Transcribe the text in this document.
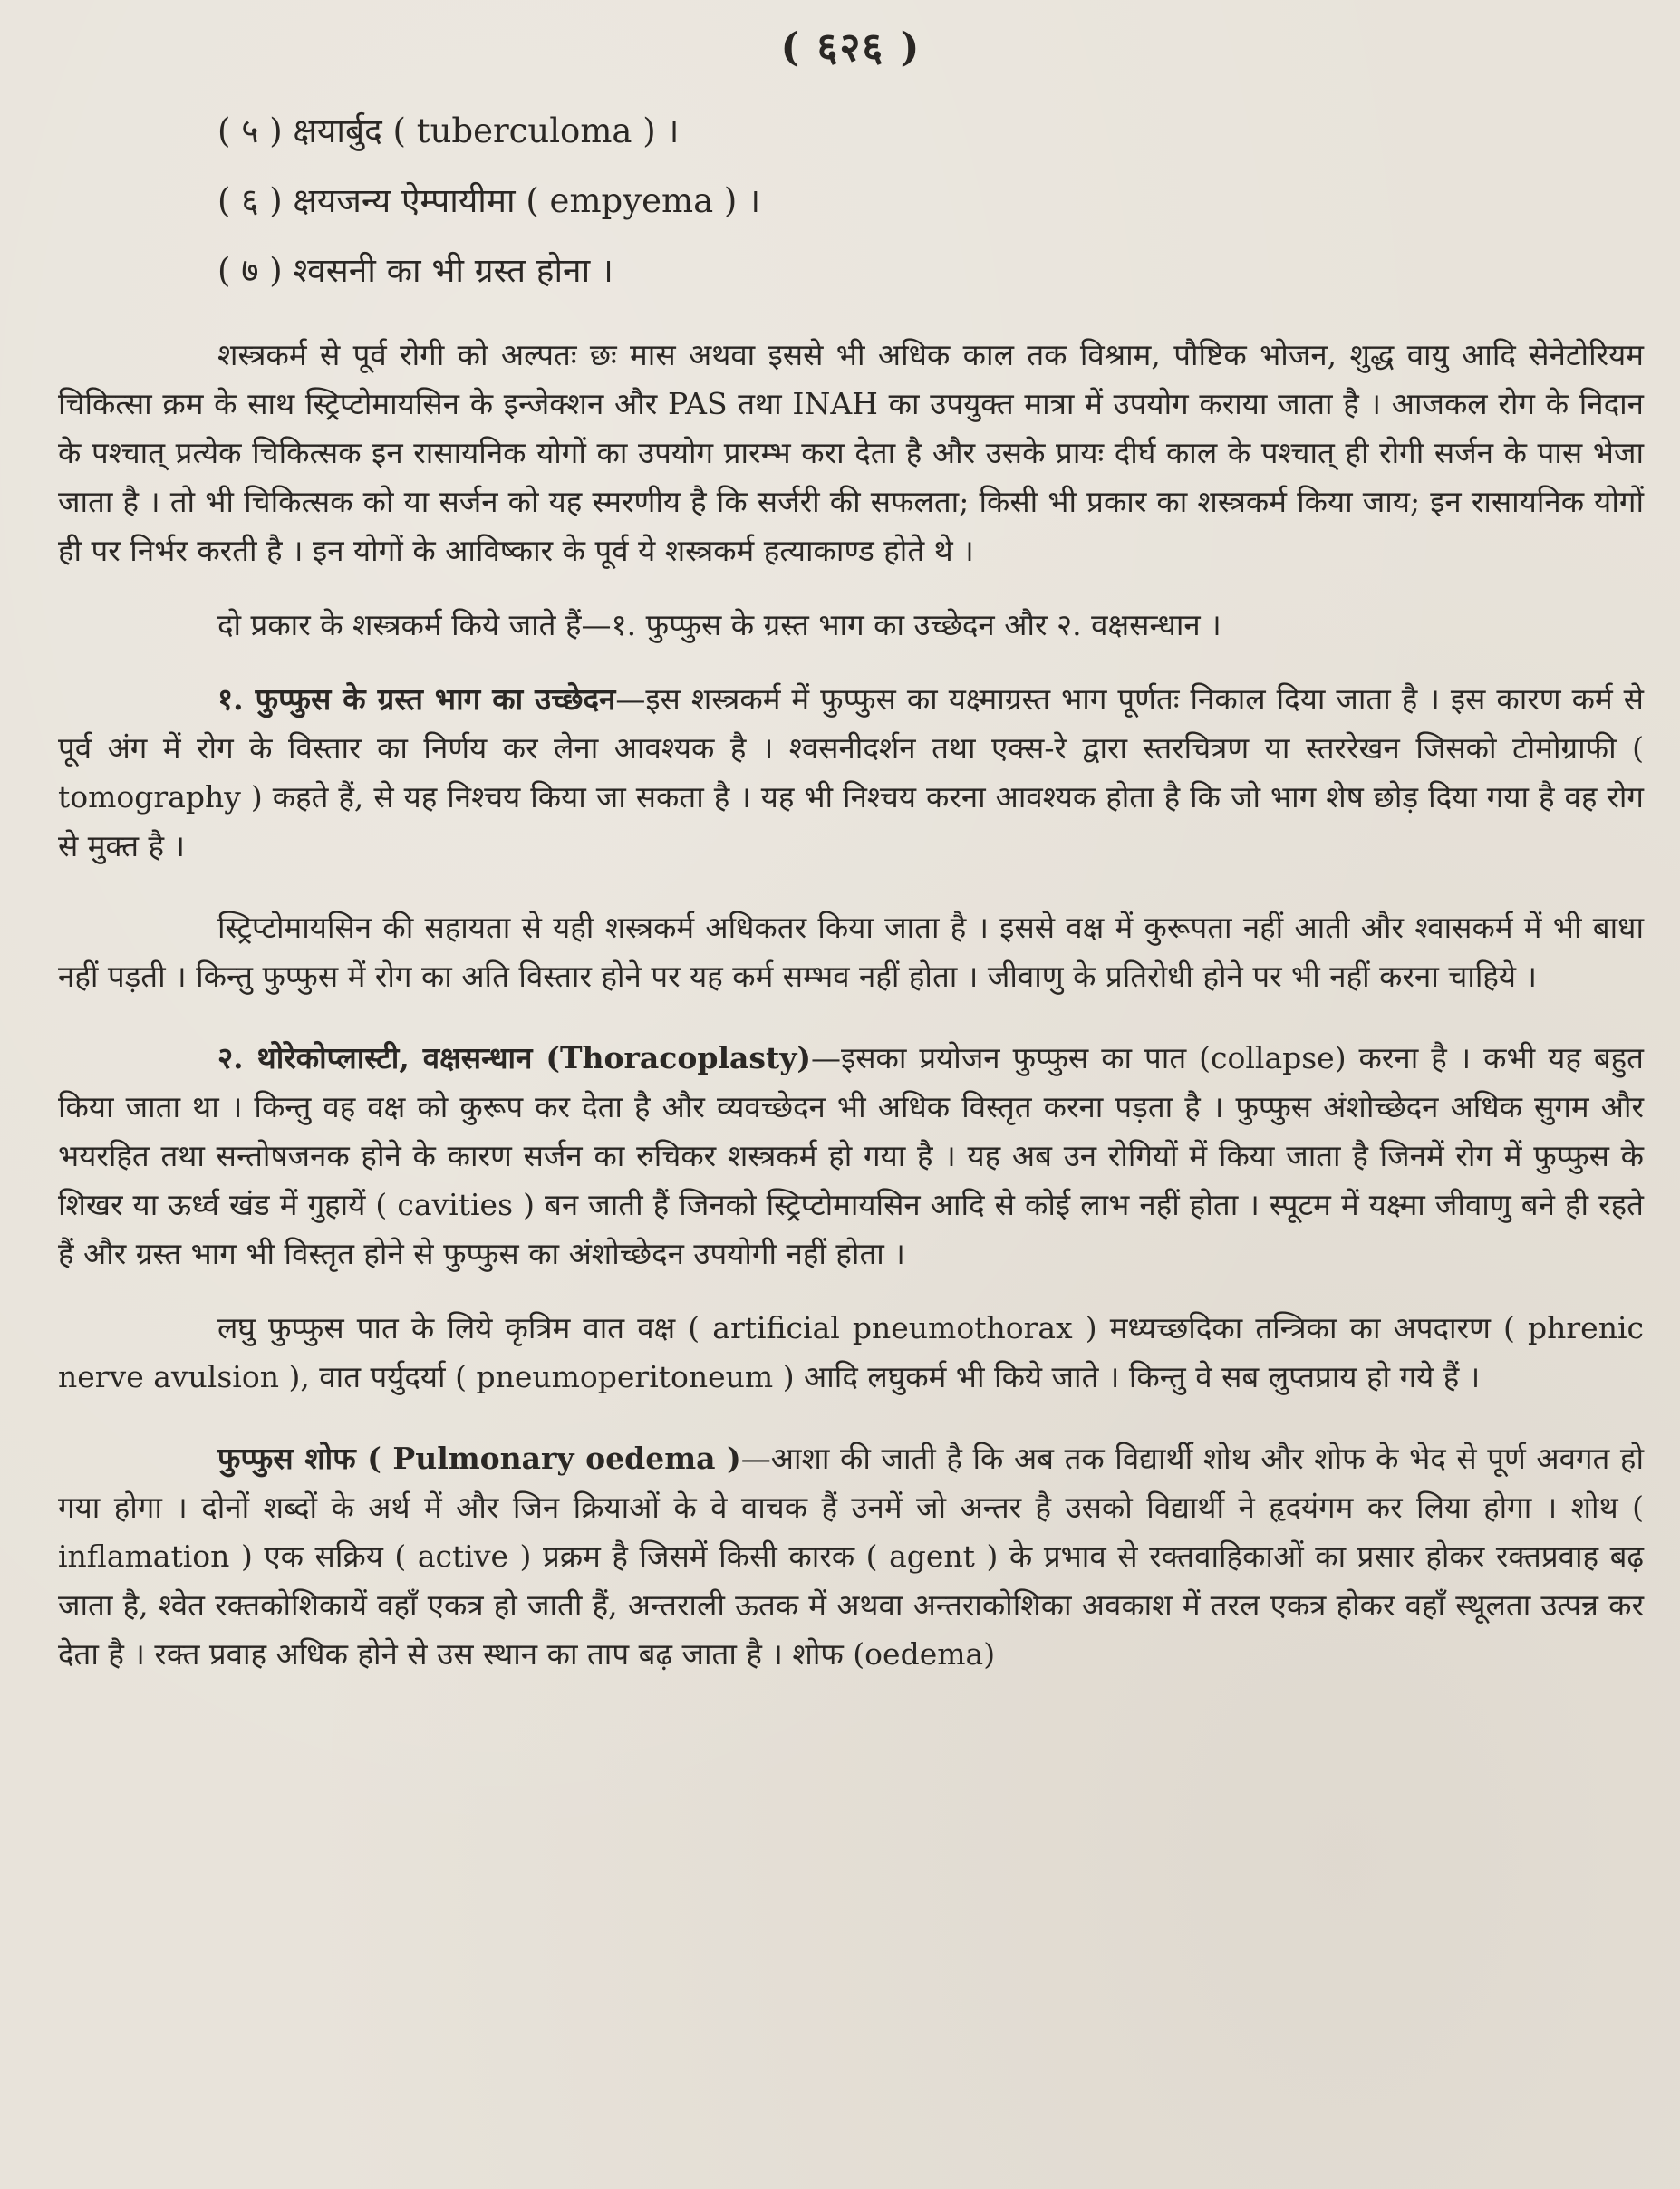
( ६२६ )
( ५ ) क्षयार्बुद ( tuberculoma ) ।
( ६ ) क्षयजन्य ऐम्पायीमा ( empyema ) ।
( ७ ) श्वसनी का भी ग्रस्त होना ।

शस्त्रकर्म से पूर्व रोगी को अल्पतः छः मास अथवा इससे भी अधिक काल तक विश्राम, पौष्टिक भोजन, शुद्ध वायु आदि सेनेटोरियम चिकित्सा क्रम के साथ स्ट्रिप्टोमायसिन के इन्जेक्शन और PAS तथा INAH का उपयुक्त मात्रा में उपयोग कराया जाता है । आजकल रोग के निदान के पश्चात् प्रत्येक चिकित्सक इन रासायनिक योगों का उपयोग प्रारम्भ करा देता है और उसके प्रायः दीर्घ काल के पश्चात् ही रोगी सर्जन के पास भेजा जाता है । तो भी चिकित्सक को या सर्जन को यह स्मरणीय है कि सर्जरी की सफलता; किसी भी प्रकार का शस्त्रकर्म किया जाय; इन रासायनिक योगों ही पर निर्भर करती है । इन योगों के आविष्कार के पूर्व ये शस्त्रकर्म हत्याकाण्ड होते थे ।

दो प्रकार के शस्त्रकर्म किये जाते हैं—१. फुप्फुस के ग्रस्त भाग का उच्छेदन और २. वक्षसन्धान ।

१. फुप्फुस के ग्रस्त भाग का उच्छेदन—इस शस्त्रकर्म में फुप्फुस का यक्ष्माग्रस्त भाग पूर्णतः निकाल दिया जाता है । इस कारण कर्म से पूर्व अंग में रोग के विस्तार का निर्णय कर लेना आवश्यक है । श्वसनीदर्शन तथा एक्स-रे द्वारा स्तरचित्रण या स्तररेखन जिसको टोमोग्राफी ( tomography ) कहते हैं, से यह निश्चय किया जा सकता है । यह भी निश्चय करना आवश्यक होता है कि जो भाग शेष छोड़ दिया गया है वह रोग से मुक्त है ।

स्ट्रिप्टोमायसिन की सहायता से यही शस्त्रकर्म अधिकतर किया जाता है । इससे वक्ष में कुरूपता नहीं आती और श्वासकर्म में भी बाधा नहीं पड़ती । किन्तु फुप्फुस में रोग का अति विस्तार होने पर यह कर्म सम्भव नहीं होता । जीवाणु के प्रतिरोधी होने पर भी नहीं करना चाहिये ।

२. थोरेकोप्लास्टी, वक्षसन्धान (Thoracoplasty)—इसका प्रयोजन फुप्फुस का पात (collapse) करना है । कभी यह बहुत किया जाता था । किन्तु वह वक्ष को कुरूप कर देता है और व्यवच्छेदन भी अधिक विस्तृत करना पड़ता है । फुप्फुस अंशोच्छेदन अधिक सुगम और भयरहित तथा सन्तोषजनक होने के कारण सर्जन का रुचिकर शस्त्रकर्म हो गया है । यह अब उन रोगियों में किया जाता है जिनमें रोग में फुप्फुस के शिखर या ऊर्ध्व खंड में गुहायें ( cavities ) बन जाती हैं जिनको स्ट्रिप्टोमायसिन आदि से कोई लाभ नहीं होता । स्पूटम में यक्ष्मा जीवाणु बने ही रहते हैं और ग्रस्त भाग भी विस्तृत होने से फुप्फुस का अंशोच्छेदन उपयोगी नहीं होता ।

लघु फुप्फुस पात के लिये कृत्रिम वात वक्ष ( artificial pneumothorax ) मध्यच्छदिका तन्त्रिका का अपदारण ( phrenic nerve avulsion ), वात पर्युदर्या ( pneumoperitoneum ) आदि लघुकर्म भी किये जाते । किन्तु वे सब लुप्तप्राय हो गये हैं ।

फुप्फुस शोफ ( Pulmonary oedema )—आशा की जाती है कि अब तक विद्यार्थी शोथ और शोफ के भेद से पूर्ण अवगत हो गया होगा । दोनों शब्दों के अर्थ में और जिन क्रियाओं के वे वाचक हैं उनमें जो अन्तर है उसको विद्यार्थी ने हृदयंगम कर लिया होगा । शोथ ( inflamation ) एक सक्रिय ( active ) प्रक्रम है जिसमें किसी कारक ( agent ) के प्रभाव से रक्तवाहिकाओं का प्रसार होकर रक्तप्रवाह बढ़ जाता है, श्वेत रक्तकोशिकायें वहाँ एकत्र हो जाती हैं, अन्तराली ऊतक में अथवा अन्तराकोशिका अवकाश में तरल एकत्र होकर वहाँ स्थूलता उत्पन्न कर देता है । रक्त प्रवाह अधिक होने से उस स्थान का ताप बढ़ जाता है । शोफ (oedema)
